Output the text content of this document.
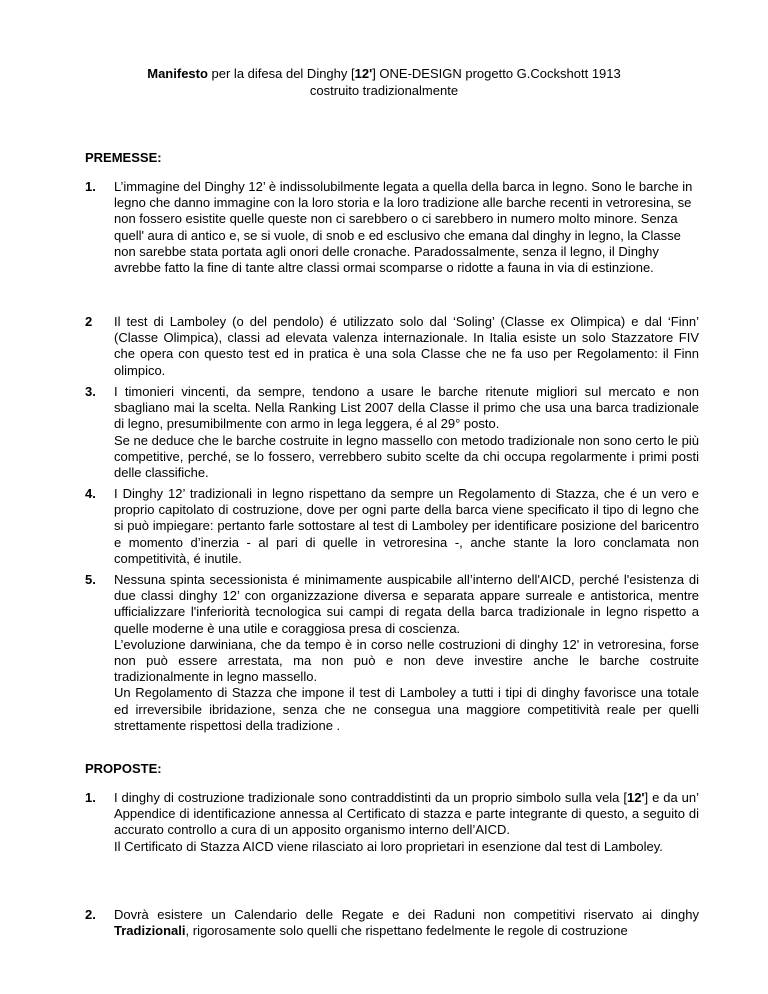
Manifesto per la difesa del Dinghy [12'] ONE-DESIGN progetto G.Cockshott 1913
costruito tradizionalmente
PREMESSE:
1.	L’immagine del Dinghy 12’ è indissolubilmente legata a quella della barca in legno. Sono le barche in legno che danno immagine con la loro storia e la loro tradizione alle barche recenti in vetroresina, se non fossero esistite quelle queste non ci sarebbero o ci sarebbero in numero molto minore. Senza quell' aura di antico e, se si vuole, di snob e ed esclusivo che emana dal dinghy in legno, la Classe non sarebbe stata portata agli onori delle cronache. Paradossalmente, senza il legno, il Dinghy avrebbe fatto la fine di tante altre classi ormai scomparse o ridotte a fauna in via di estinzione.

2	Il test di Lamboley (o del pendolo) é utilizzato solo dal ‘Soling’ (Classe ex Olimpica) e dal ‘Finn’ (Classe Olimpica), classi ad elevata valenza internazionale. In Italia esiste un solo Stazzatore FIV che opera con questo test ed in pratica è una sola Classe che ne fa uso per Regolamento: il Finn olimpico.

3.	I timonieri vincenti, da sempre, tendono a usare le barche ritenute migliori sul mercato e non sbagliano mai la scelta. Nella Ranking List 2007 della Classe il primo che usa una barca tradizionale di legno, presumibilmente con armo in lega leggera, é al 29° posto.

Se ne deduce che le barche costruite in legno massello con metodo tradizionale non sono certo le più competitive, perché, se lo fossero, verrebbero subito scelte da chi occupa regolarmente i primi posti delle classifiche.

4.	I Dinghy 12’ tradizionali in legno rispettano da sempre un Regolamento di Stazza, che é un vero e proprio capitolato di costruzione, dove per ogni parte della barca viene specificato il tipo di legno che si può impiegare: pertanto farle sottostare al test di Lamboley per identificare posizione del baricentro e momento d’inerzia - al pari di quelle in vetroresina -, anche stante la loro conclamata non competitività, é inutile.

5.	Nessuna spinta secessionista é minimamente auspicabile all’interno dell'AICD, perché l'esistenza di due classi dinghy 12’ con organizzazione diversa e separata appare surreale e antistorica, mentre ufficializzare l'inferiorità tecnologica sui campi di regata della barca tradizionale in legno rispetto a quelle moderne è una utile e coraggiosa presa di coscienza.

L’evoluzione darwiniana, che da tempo è in corso nelle costruzioni di dinghy 12' in vetroresina, forse non può essere arrestata, ma non può e non deve investire anche le barche costruite tradizionalmente in legno massello.

Un Regolamento di Stazza che impone il test di Lamboley a tutti i tipi di dinghy favorisce una totale ed irreversibile ibridazione, senza che ne consegua una maggiore competitività reale per quelli strettamente rispettosi della tradizione .

PROPOSTE:
1.	I dinghy di costruzione tradizionale sono contraddistinti da un proprio simbolo sulla vela [12'] e da un’ Appendice di identificazione annessa al Certificato di stazza e parte integrante di questo, a seguito di accurato controllo a cura di un apposito organismo interno dell’AICD.

Il Certificato di Stazza AICD viene rilasciato ai loro proprietari in esenzione dal test di Lamboley.

2.	Dovrà esistere un Calendario delle Regate e dei Raduni non competitivi riservato ai dinghy Tradizionali, rigorosamente solo quelli che rispettano fedelmente le regole di costruzione
